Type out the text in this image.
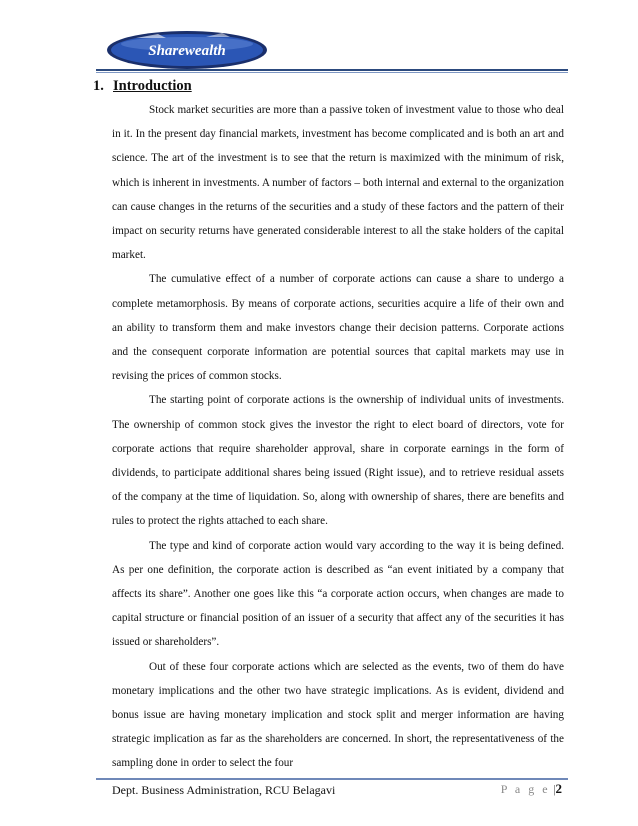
Sharewealth
1. Introduction

Stock market securities are more than a passive token of investment value to those who deal in it. In the present day financial markets, investment has become complicated and is both an art and science. The art of the investment is to see that the return is maximized with the minimum of risk, which is inherent in investments. A number of factors – both internal and external to the organization can cause changes in the returns of the securities and a study of these factors and the pattern of their impact on security returns have generated considerable interest to all the stake holders of the capital market.

The cumulative effect of a number of corporate actions can cause a share to undergo a complete metamorphosis. By means of corporate actions, securities acquire a life of their own and an ability to transform them and make investors change their decision patterns. Corporate actions and the consequent corporate information are potential sources that capital markets may use in revising the prices of common stocks.

The starting point of corporate actions is the ownership of individual units of investments. The ownership of common stock gives the investor the right to elect board of directors, vote for corporate actions that require shareholder approval, share in corporate earnings in the form of dividends, to participate additional shares being issued (Right issue), and to retrieve residual assets of the company at the time of liquidation. So, along with ownership of shares, there are benefits and rules to protect the rights attached to each share.

The type and kind of corporate action would vary according to the way it is being defined. As per one definition, the corporate action is described as “an event initiated by a company that affects its share”. Another one goes like this “a corporate action occurs, when changes are made to capital structure or financial position of an issuer of a security that affect any of the securities it has issued or shareholders”.

Out of these four corporate actions which are selected as the events, two of them do have monetary implications and the other two have strategic implications. As is evident, dividend and bonus issue are having monetary implication and stock split and merger information are having strategic implication as far as the shareholders are concerned. In short, the representativeness of the sampling done in order to select the four

Dept. Business Administration, RCU Belagavi	P a g e |2
